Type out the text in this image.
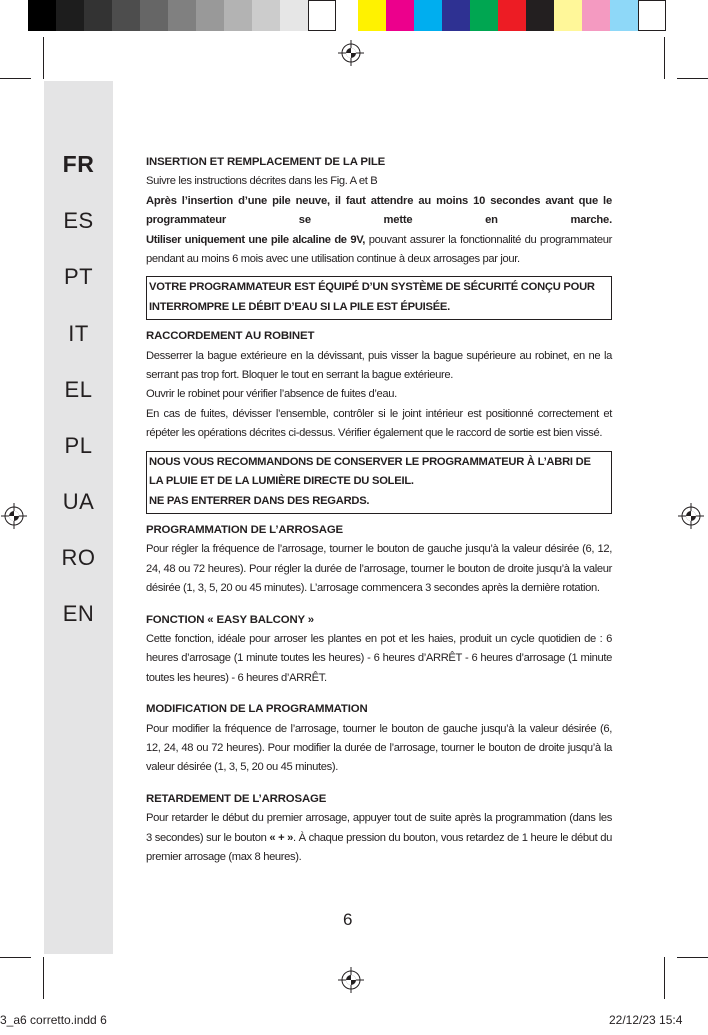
FR
ES
PT
IT
EL
PL
UA
RO
EN
INSERTION ET REMPLACEMENT DE LA PILE
Suivre les instructions décrites dans les Fig. A et B
Après l’insertion d’une pile neuve, il faut attendre au moins 10 secondes avant que le programmateur se mette en marche.
Utiliser uniquement une pile alcaline de 9V, pouvant assurer la fonctionnalité du programmateur pendant au moins 6 mois avec une utilisation continue à deux arrosages par jour.
VOTRE PROGRAMMATEUR EST ÉQUIPÉ D’UN SYSTÈME DE SÉCURITÉ CONÇU POUR INTERROMPRE LE DÉBIT D’EAU SI LA PILE EST ÉPUISÉE.
RACCORDEMENT AU ROBINET
Desserrer la bague extérieure en la dévissant, puis visser la bague supérieure au robinet, en ne la serrant pas trop fort. Bloquer le tout en serrant la bague extérieure.
Ouvrir le robinet pour vérifier l’absence de fuites d’eau.
En cas de fuites, dévisser l’ensemble, contrôler si le joint intérieur est positionné correctement et répéter les opérations décrites ci-dessus. Vérifier également que le raccord de sortie est bien vissé.
NOUS VOUS RECOMMANDONS DE CONSERVER LE PROGRAMMATEUR À L’ABRI DE LA PLUIE ET DE LA LUMIÈRE DIRECTE DU SOLEIL.
NE PAS ENTERRER DANS DES REGARDS.
PROGRAMMATION DE L’ARROSAGE
Pour régler la fréquence de l’arrosage, tourner le bouton de gauche jusqu’à la valeur désirée (6, 12, 24, 48 ou 72 heures). Pour régler la durée de l’arrosage, tourner le bouton de droite jusqu’à la valeur désirée (1, 3, 5, 20 ou 45 minutes). L’arrosage commencera 3 secondes après la dernière rotation.
FONCTION « EASY BALCONY »
Cette fonction, idéale pour arroser les plantes en pot et les haies, produit un cycle quotidien de : 6 heures d’arrosage (1 minute toutes les heures) - 6 heures d’ARRÊT - 6 heures d’arrosage (1 minute toutes les heures) - 6 heures d’ARRÊT.
MODIFICATION DE LA PROGRAMMATION
Pour modifier la fréquence de l’arrosage, tourner le bouton de gauche jusqu’à la valeur désirée (6, 12, 24, 48 ou 72 heures). Pour modifier la durée de l’arrosage, tourner le bouton de droite jusqu’à la valeur désirée (1, 3, 5, 20 ou 45 minutes).
RETARDEMENT DE L’ARROSAGE
Pour retarder le début du premier arrosage, appuyer tout de suite après la programmation (dans les 3 secondes) sur le bouton « + ». À chaque pression du bouton, vous retardez de 1 heure le début du premier arrosage (max 8 heures).
6
3_a6 corretto.indd 6	22/12/23 15:4
